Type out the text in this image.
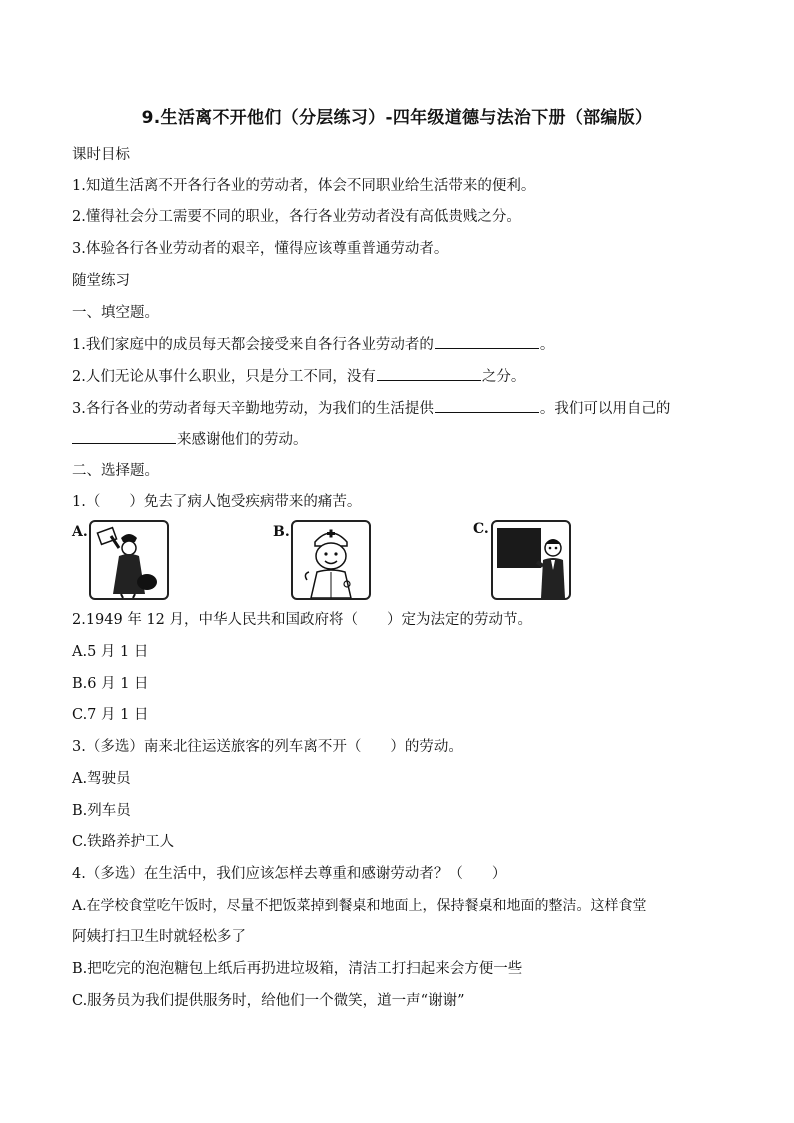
9.生活离不开他们（分层练习）-四年级道德与法治下册（部编版）
课时目标
1.知道生活离不开各行各业的劳动者，体会不同职业给生活带来的便利。
2.懂得社会分工需要不同的职业，各行各业劳动者没有高低贵贱之分。
3.体验各行各业劳动者的艰辛，懂得应该尊重普通劳动者。
随堂练习
一、填空题。
1.我们家庭中的成员每天都会接受来自各行各业劳动者的	。
2.人们无论从事什么职业，只是分工不同，没有	之分。
3.各行各业的劳动者每天辛勤地劳动，为我们的生活提供	。我们可以用自己的
来感谢他们的劳动。
二、选择题。
1.（　　）免去了病人饱受疾病带来的痛苦。
A.	B.	C.
2.1949 年 12 月，中华人民共和国政府将（　　）定为法定的劳动节。
A.5 月 1 日
B.6 月 1 日
C.7 月 1 日
3.（多选）南来北往运送旅客的列车离不开（　　）的劳动。
A.驾驶员
B.列车员
C.铁路养护工人
4.（多选）在生活中，我们应该怎样去尊重和感谢劳动者？（　　）
A.在学校食堂吃午饭时，尽量不把饭菜掉到餐桌和地面上，保持餐桌和地面的整洁。这样食堂
阿姨打扫卫生时就轻松多了
B.把吃完的泡泡糖包上纸后再扔进垃圾箱，清洁工打扫起来会方便一些
C.服务员为我们提供服务时，给他们一个微笑，道一声“谢谢”
